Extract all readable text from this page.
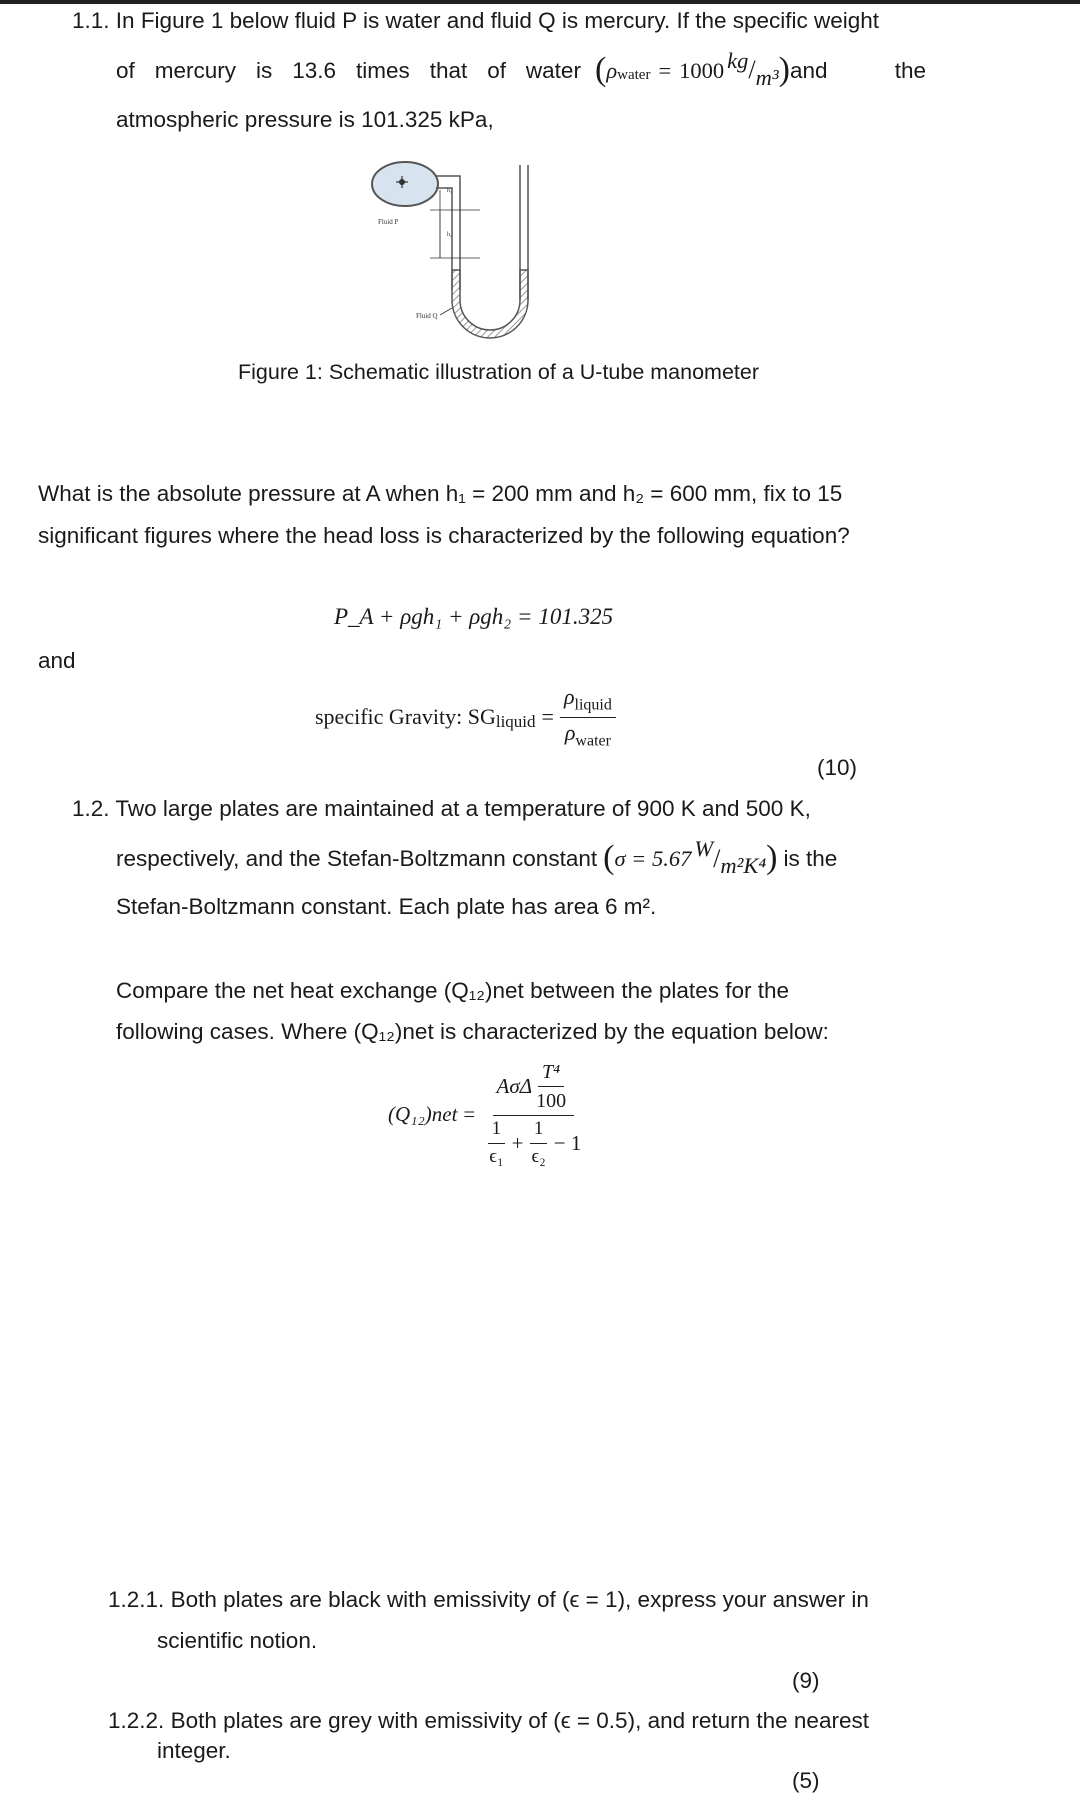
1.1. In Figure 1 below fluid P is water and fluid Q is mercury. If the specific weight
of mercury is 13.6 times that of water ( $\rho_{water} = 1000$ kg / m³ ) and	the
atmospheric pressure is 101.325 kPa,
h₁
h₂
Fluid P
Fluid Q
Figure 1: Schematic illustration of a U-tube manometer
What is the absolute pressure at A when h₁ = 200 mm and h₂ = 600 mm, fix to 15
significant figures where the head loss is characterized by the following equation?
P_A + ρgh₁ + ρgh₂ = 101.325
and
specific Gravity: $SG_{liquid} = \frac{\rho_{liquid}}{\rho_{water}}$
(10)
1.2. Two large plates are maintained at a temperature of 900 K and 500 K,
respectively, and the Stefan-Boltzmann constant ( σ = 5.67 W / m²K⁴ ) is the
Stefan-Boltzmann constant. Each plate has area 6 m².
Compare the net heat exchange (Q₁₂)net between the plates for the
following cases. Where (Q₁₂)net is characterized by the equation below:
(Q₁₂)net =
AσΔ $\frac{\text{T⁴}}{100}$
$\frac{1}{\text{ϵ₁}} + \frac{1}{\text{ϵ₂}} - 1$
1.2.1. Both plates are black with emissivity of (ϵ = 1), express your answer in
scientific notion.
(9)
1.2.2. Both plates are grey with emissivity of (ϵ = 0.5), and return the nearest
integer.
(5)
